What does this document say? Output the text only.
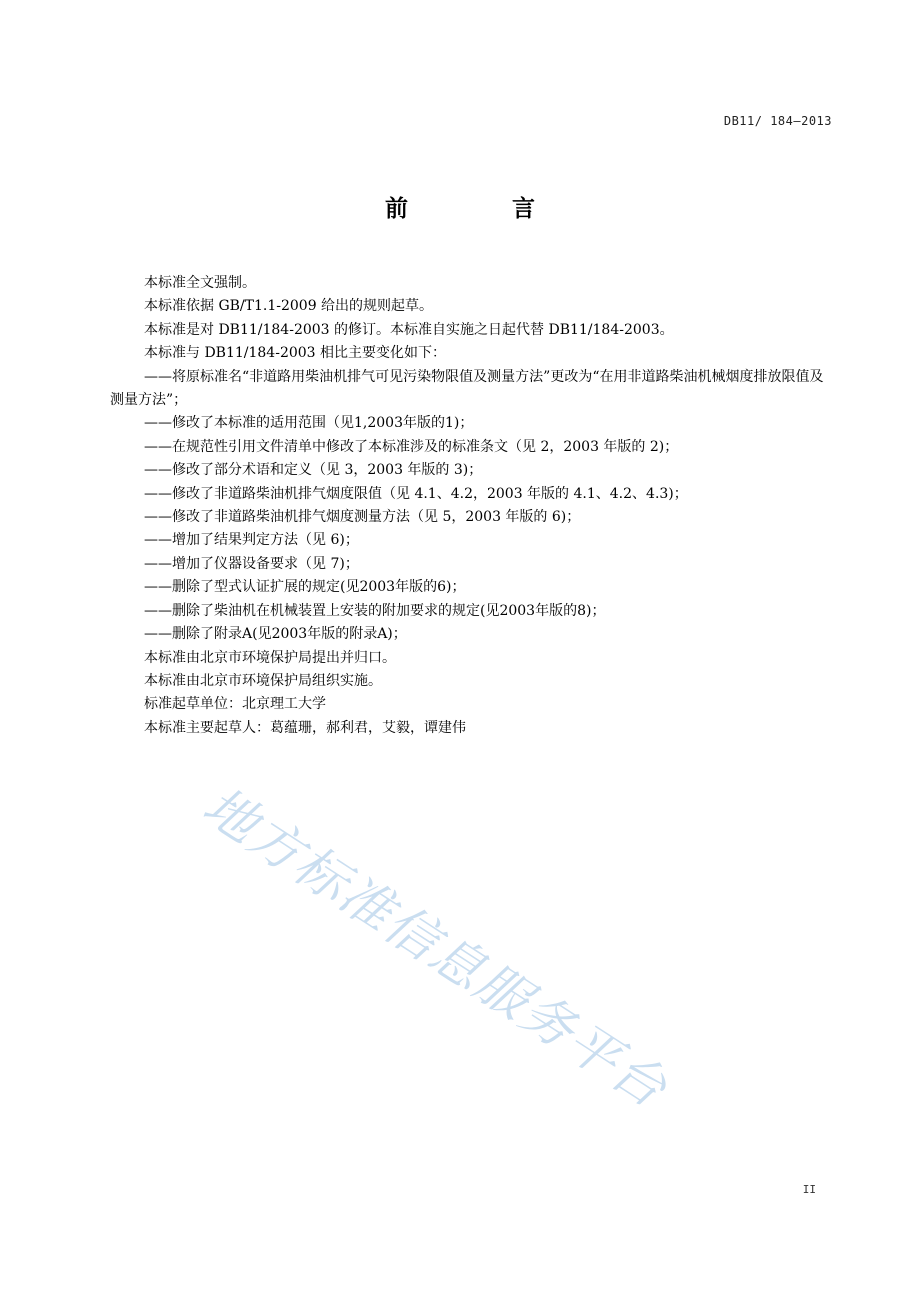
DB11/ 184—2013
前 言

本标准全文强制。

本标准依据 GB/T1.1-2009 给出的规则起草。

本标准是对 DB11/184-2003 的修订。本标准自实施之日起代替 DB11/184-2003。

本标准与 DB11/184-2003 相比主要变化如下：

——将原标准名“非道路用柴油机排气可见污染物限值及测量方法”更改为“在用非道路柴油机械烟度排放限值及测量方法”；

——修改了本标准的适用范围（见1,2003年版的1)；

——在规范性引用文件清单中修改了本标准涉及的标准条文（见 2，2003 年版的 2)；

——修改了部分术语和定义（见 3，2003 年版的 3)；

——修改了非道路柴油机排气烟度限值（见 4.1、4.2，2003 年版的 4.1、4.2、4.3)；

——修改了非道路柴油机排气烟度测量方法（见 5，2003 年版的 6)；

——增加了结果判定方法（见 6)；

——增加了仪器设备要求（见 7)；

——删除了型式认证扩展的规定(见2003年版的6)；

——删除了柴油机在机械装置上安装的附加要求的规定(见2003年版的8)；

——删除了附录A(见2003年版的附录A)；

本标准由北京市环境保护局提出并归口。

本标准由北京市环境保护局组织实施。

标准起草单位：北京理工大学

本标准主要起草人：葛蕴珊，郝利君，艾毅，谭建伟

地方标准信息服务平台
II
